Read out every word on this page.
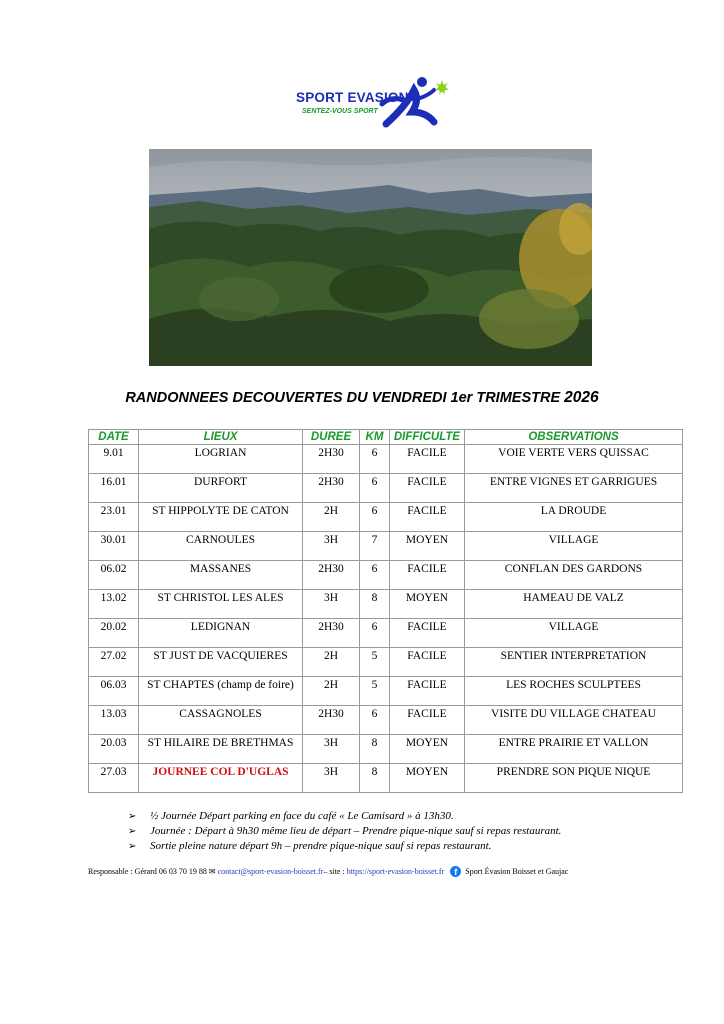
SPORT EVASION
SENTEZ-VOUS SPORT
RANDONNEES DECOUVERTES DU VENDREDI 1er TRIMESTRE 2026
DATE	LIEUX	DUREE	KM	DIFFICULTE	OBSERVATIONS
9.01	LOGRIAN	2H30	6	FACILE	VOIE VERTE VERS QUISSAC
16.01	DURFORT	2H30	6	FACILE	ENTRE VIGNES ET GARRIGUES
23.01	ST HIPPOLYTE DE CATON	2H	6	FACILE	LA DROUDE
30.01	CARNOULES	3H	7	MOYEN	VILLAGE
06.02	MASSANES	2H30	6	FACILE	CONFLAN DES GARDONS
13.02	ST CHRISTOL LES ALES	3H	8	MOYEN	HAMEAU DE VALZ
20.02	LEDIGNAN	2H30	6	FACILE	VILLAGE
27.02	ST JUST DE VACQUIERES	2H	5	FACILE	SENTIER INTERPRETATION
06.03	ST CHAPTES (champ de foire)	2H	5	FACILE	LES ROCHES SCULPTEES
13.03	CASSAGNOLES	2H30	6	FACILE	VISITE DU VILLAGE CHATEAU
20.03	ST HILAIRE DE BRETHMAS	3H	8	MOYEN	ENTRE PRAIRIE ET VALLON
27.03	JOURNEE COL D'UGLAS	3H	8	MOYEN	PRENDRE SON PIQUE NIQUE
➢	½ Journée Départ parking en face du café « Le Camisard » à 13h30.
➢	Journée : Départ à 9h30 même lieu de départ – Prendre pique-nique sauf si repas restaurant.
➢	Sortie pleine nature départ 9h – prendre pique-nique sauf si repas restaurant.
Responsable : Gérard 06 03 70 19 88 ✉ contact@sport-evasion-boisset.fr – site :
https://sport-evasion-boisset.fr	f	Sport Évasion Boisset et Gaujac
